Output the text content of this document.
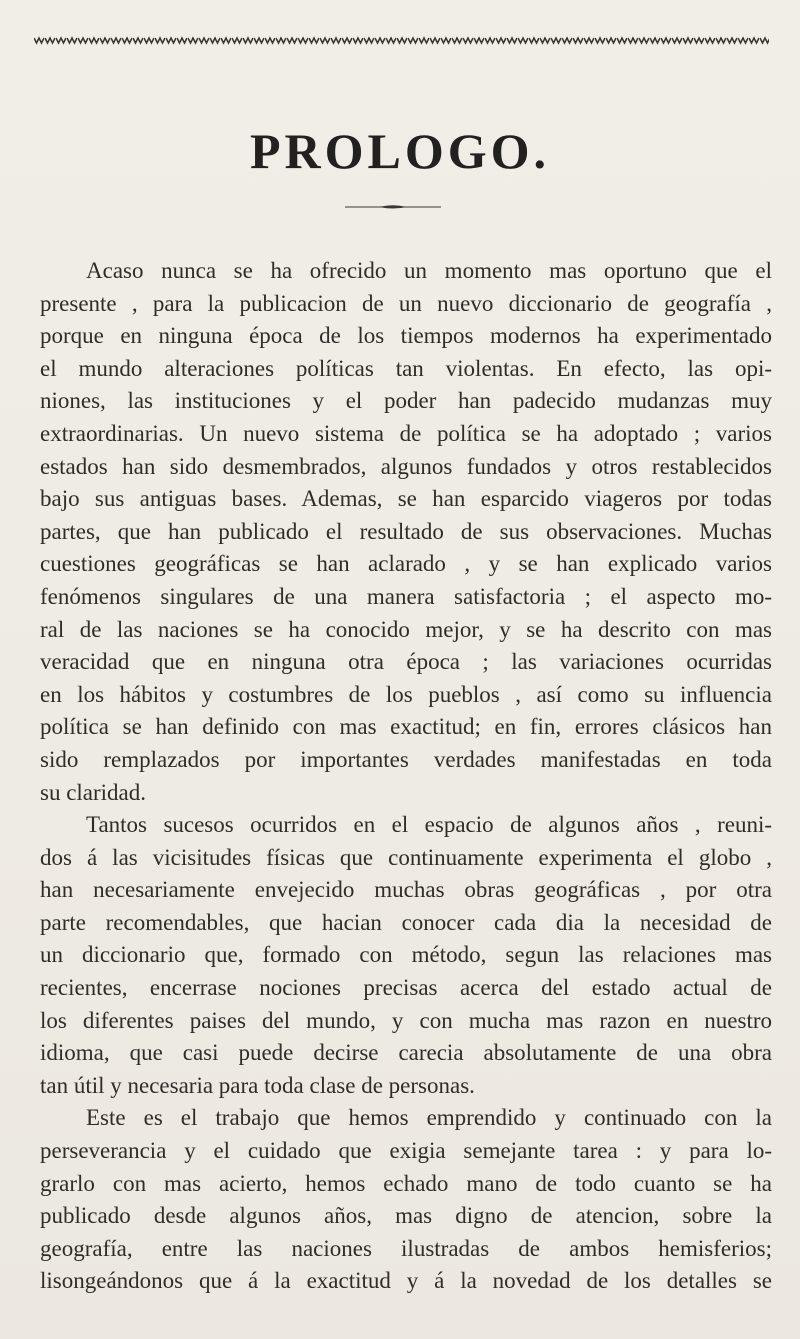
PROLOGO.

Acaso nunca se ha ofrecido un momento mas oportuno que el
presente , para la publicacion de un nuevo diccionario de geografía ,
porque en ninguna época de los tiempos modernos ha experimentado
el mundo alteraciones políticas tan violentas. En efecto, las opi-
niones, las instituciones y el poder han padecido mudanzas muy
extraordinarias. Un nuevo sistema de política se ha adoptado ; varios
estados han sido desmembrados, algunos fundados y otros restablecidos
bajo sus antiguas bases. Ademas, se han esparcido viageros por todas
partes, que han publicado el resultado de sus observaciones. Muchas
cuestiones geográficas se han aclarado , y se han explicado varios
fenómenos singulares de una manera satisfactoria ; el aspecto mo-
ral de las naciones se ha conocido mejor, y se ha descrito con mas
veracidad que en ninguna otra época ; las variaciones ocurridas
en los hábitos y costumbres de los pueblos , así como su influencia
política se han definido con mas exactitud; en fin, errores clásicos han
sido remplazados por importantes verdades manifestadas en toda
su claridad.

Tantos sucesos ocurridos en el espacio de algunos años , reuni-
dos á las vicisitudes físicas que continuamente experimenta el globo ,
han necesariamente envejecido muchas obras geográficas , por otra
parte recomendables, que hacian conocer cada dia la necesidad de
un diccionario que, formado con método, segun las relaciones mas
recientes, encerrase nociones precisas acerca del estado actual de
los diferentes paises del mundo, y con mucha mas razon en nuestro
idioma, que casi puede decirse carecia absolutamente de una obra
tan útil y necesaria para toda clase de personas.

Este es el trabajo que hemos emprendido y continuado con la
perseverancia y el cuidado que exigia semejante tarea : y para lo-
grarlo con mas acierto, hemos echado mano de todo cuanto se ha
publicado desde algunos años, mas digno de atencion, sobre la
geografía, entre las naciones ilustradas de ambos hemisferios;
lisongeándonos que á la exactitud y á la novedad de los detalles se
